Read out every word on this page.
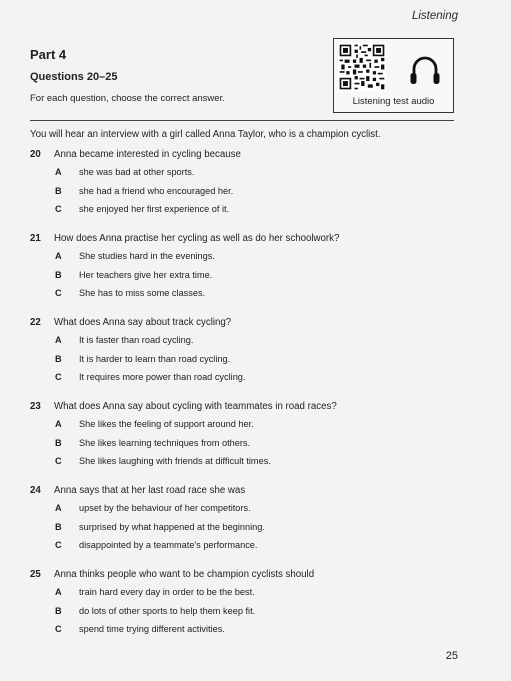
Listening
Part 4
Questions 20–25
For each question, choose the correct answer.	Listening test audio
You will hear an interview with a girl called Anna Taylor, who is a champion cyclist.
20 Anna became interested in cycling because
A she was bad at other sports.
B she had a friend who encouraged her.
C she enjoyed her first experience of it.
21 How does Anna practise her cycling as well as do her schoolwork?
A She studies hard in the evenings.
B Her teachers give her extra time.
C She has to miss some classes.
22 What does Anna say about track cycling?
A It is faster than road cycling.
B It is harder to learn than road cycling.
C It requires more power than road cycling.
23 What does Anna say about cycling with teammates in road races?
A She likes the feeling of support around her.
B She likes learning techniques from others.
C She likes laughing with friends at difficult times.
24 Anna says that at her last road race she was
A upset by the behaviour of her competitors.
B surprised by what happened at the beginning.
C disappointed by a teammate's performance.
25 Anna thinks people who want to be champion cyclists should
A train hard every day in order to be the best.
B do lots of other sports to help them keep fit.
C spend time trying different activities.
25
